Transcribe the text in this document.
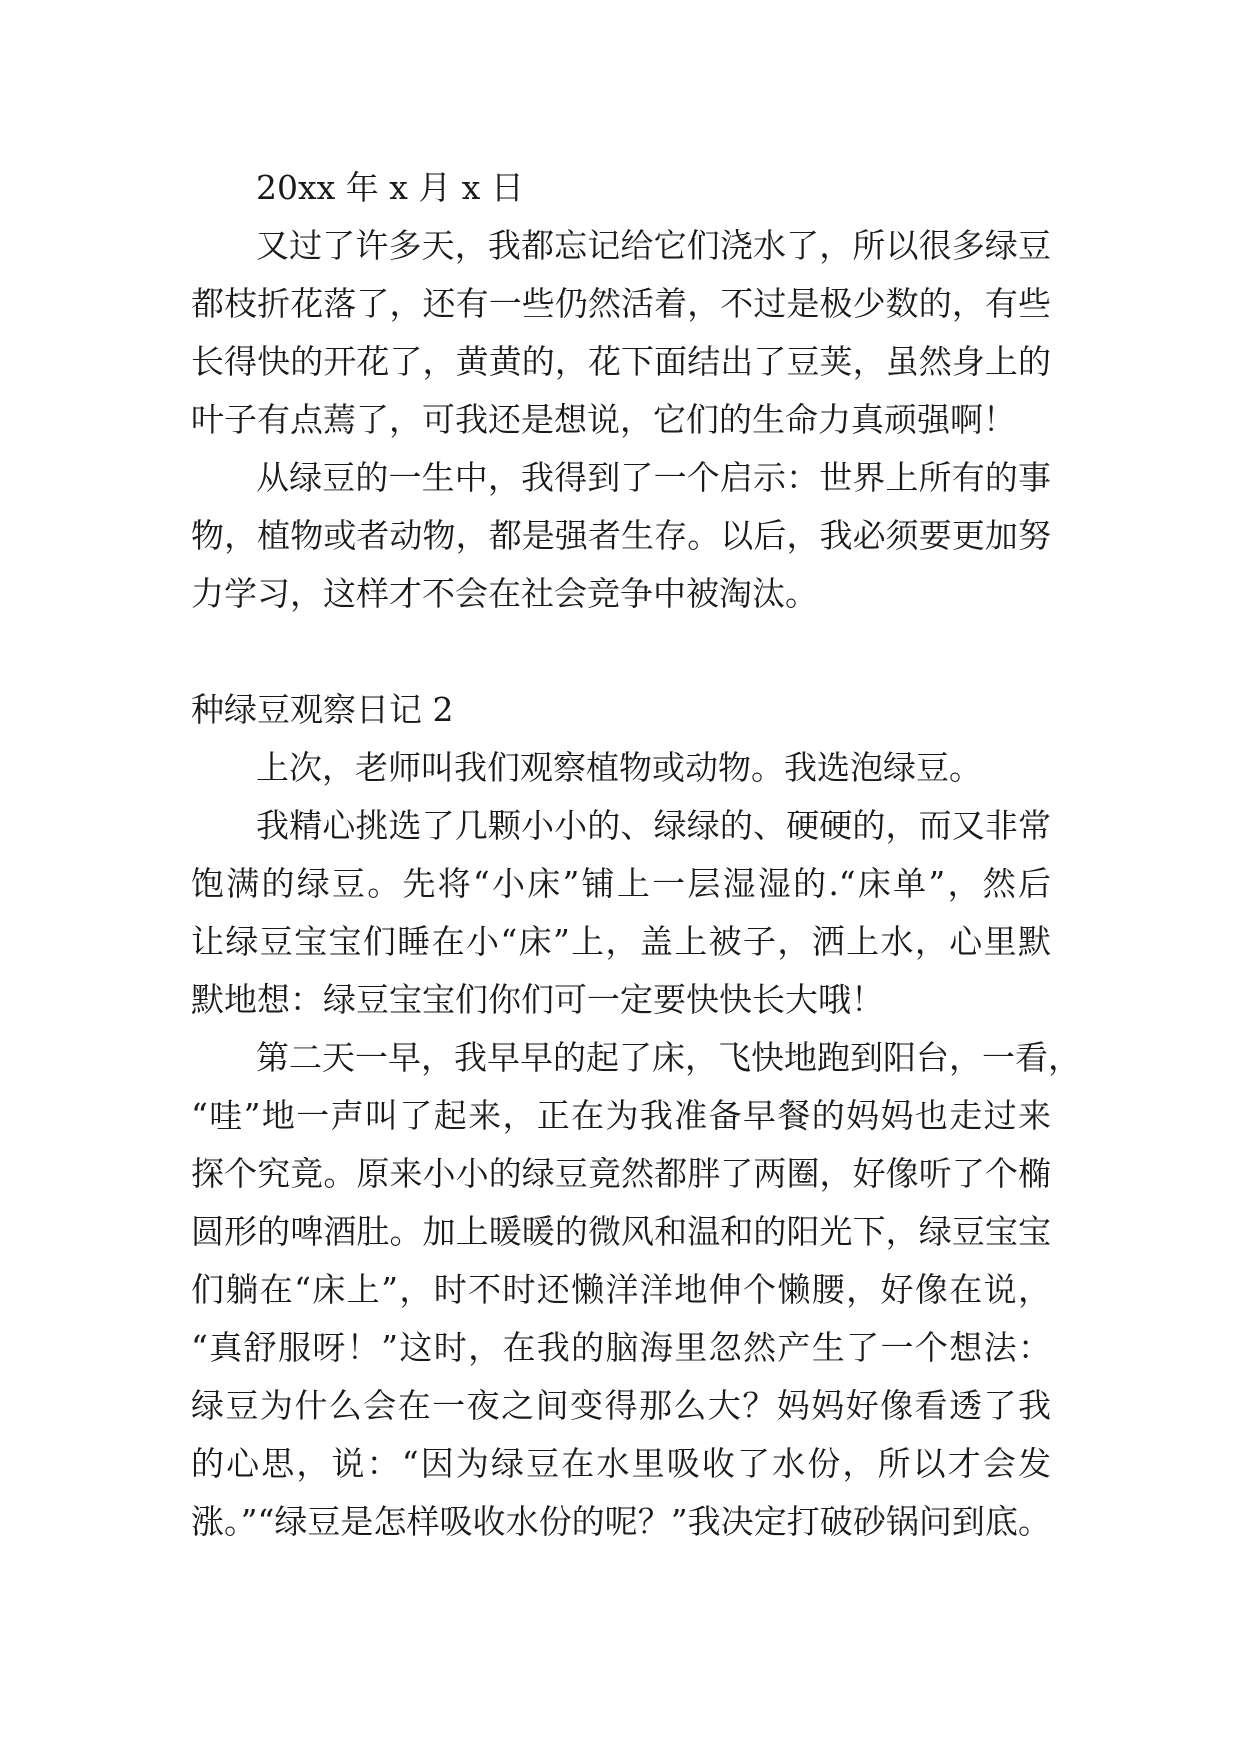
20xx 年 x 月 x 日
又过了许多天，我都忘记给它们浇水了，所以很多绿豆
都枝折花落了，还有一些仍然活着，不过是极少数的，有些
长得快的开花了，黄黄的，花下面结出了豆荚，虽然身上的
叶子有点蔫了，可我还是想说，它们的生命力真顽强啊！
从绿豆的一生中，我得到了一个启示：世界上所有的事
物，植物或者动物，都是强者生存。以后，我必须要更加努
力学习，这样才不会在社会竞争中被淘汰。
种绿豆观察日记 2
上次，老师叫我们观察植物或动物。我选泡绿豆。
我精心挑选了几颗小小的、绿绿的、硬硬的，而又非常
饱满的绿豆。先将“小床”铺上一层湿湿的.“床单”，然后
让绿豆宝宝们睡在小“床”上，盖上被子，洒上水，心里默
默地想：绿豆宝宝们你们可一定要快快长大哦！
第二天一早，我早早的起了床，飞快地跑到阳台，一看，
“哇”地一声叫了起来，正在为我准备早餐的妈妈也走过来
探个究竟。原来小小的绿豆竟然都胖了两圈，好像听了个椭
圆形的啤酒肚。加上暖暖的微风和温和的阳光下，绿豆宝宝
们躺在“床上”，时不时还懒洋洋地伸个懒腰，好像在说，
“真舒服呀！”这时，在我的脑海里忽然产生了一个想法：
绿豆为什么会在一夜之间变得那么大？妈妈好像看透了我
的心思，说：“因为绿豆在水里吸收了水份，所以才会发
涨。”“绿豆是怎样吸收水份的呢？”我决定打破砂锅问到底。
